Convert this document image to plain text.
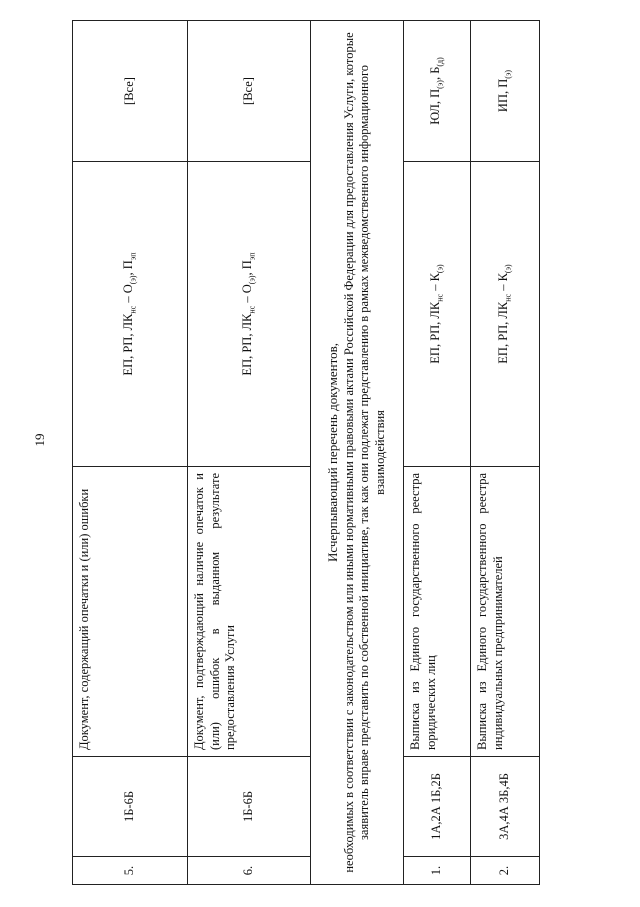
19
5.	1Б-6Б	Документ, содержащий опечатки и (или) ошибки	ЕП, РП, $ЛК_{нс} - О_{(э)}$, $П_{эп}$	[Все]
6.	1Б-6Б	Документ, подтверждающий наличие опечаток и (или) ошибок в выданном результате предоставления Услуги	ЕП, РП, $ЛК_{нс} - О_{(э)}$, $П_{эп}$	[Все]

Исчерпывающий перечень документов, необходимых в соответствии с законодательством или иными нормативными правовыми актами Российской Федерации для предоставления Услуги, которые заявитель вправе представить по собственной инициативе, так как они подлежат представлению в рамках межведомственного информационного взаимодействия				

1.	1А,2А 1Б,2Б	Выписка из Единого государственного реестра юридических лиц	ЕП, РП, $ЛК_{нс} - К_{(э)}$	ЮЛ, $П_{(э)}$, $Б_{(д)}$
2.	3А,4А 3Б,4Б	Выписка из Единого государственного реестра индивидуальных предпринимателей	ЕП, РП, $ЛК_{нс} - К_{(э)}$	ИП, $П_{(э)}$
